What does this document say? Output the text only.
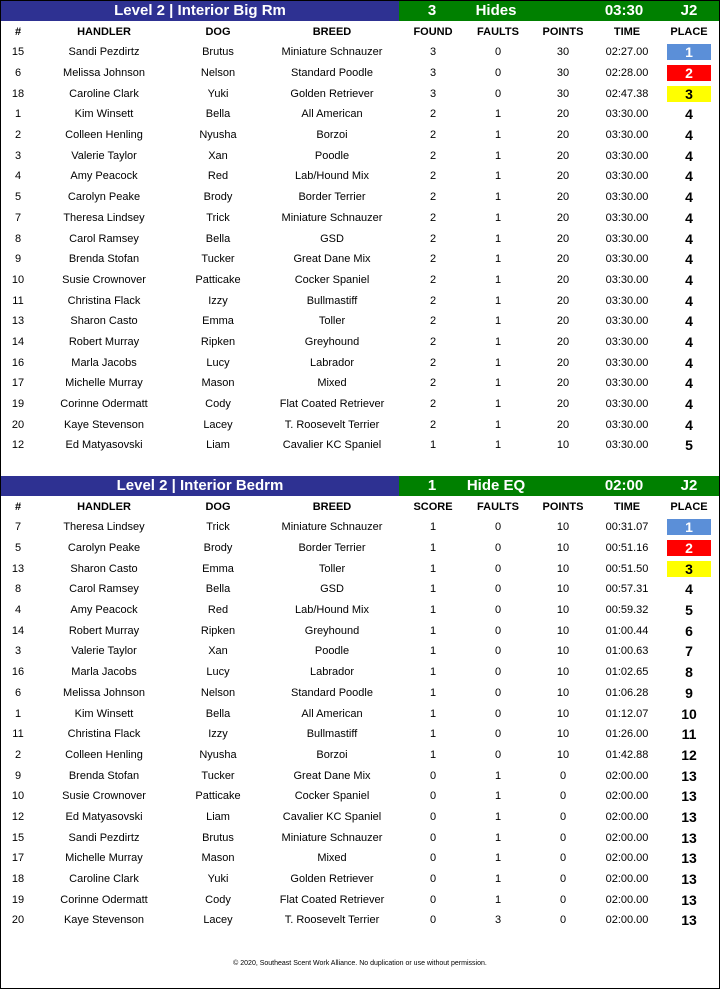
Level 2 | Interior Big Rm	3	Hides	03:30	J2
#	HANDLER	DOG	BREED	FOUND	FAULTS	POINTS	TIME	PLACE
15	Sandi Pezdirtz	Brutus	Miniature Schnauzer	3	0	30	02:27.00	1
6	Melissa Johnson	Nelson	Standard Poodle	3	0	30	02:28.00	2
18	Caroline Clark	Yuki	Golden Retriever	3	0	30	02:47.38	3
1	Kim Winsett	Bella	All American	2	1	20	03:30.00	4
2	Colleen Henling	Nyusha	Borzoi	2	1	20	03:30.00	4
3	Valerie Taylor	Xan	Poodle	2	1	20	03:30.00	4
4	Amy Peacock	Red	Lab/Hound Mix	2	1	20	03:30.00	4
5	Carolyn Peake	Brody	Border Terrier	2	1	20	03:30.00	4
7	Theresa Lindsey	Trick	Miniature Schnauzer	2	1	20	03:30.00	4
8	Carol Ramsey	Bella	GSD	2	1	20	03:30.00	4
9	Brenda Stofan	Tucker	Great Dane Mix	2	1	20	03:30.00	4
10	Susie Crownover	Patticake	Cocker Spaniel	2	1	20	03:30.00	4
11	Christina Flack	Izzy	Bullmastiff	2	1	20	03:30.00	4
13	Sharon Casto	Emma	Toller	2	1	20	03:30.00	4
14	Robert Murray	Ripken	Greyhound	2	1	20	03:30.00	4
16	Marla Jacobs	Lucy	Labrador	2	1	20	03:30.00	4
17	Michelle Murray	Mason	Mixed	2	1	20	03:30.00	4
19	Corinne Odermatt	Cody	Flat Coated Retriever	2	1	20	03:30.00	4
20	Kaye Stevenson	Lacey	T. Roosevelt Terrier	2	1	20	03:30.00	4
12	Ed Matyasovski	Liam	Cavalier KC Spaniel	1	1	10	03:30.00	5
Level 2 | Interior Bedrm	1	Hide EQ	02:00	J2
#	HANDLER	DOG	BREED	SCORE	FAULTS	POINTS	TIME	PLACE
7	Theresa Lindsey	Trick	Miniature Schnauzer	1	0	10	00:31.07	1
5	Carolyn Peake	Brody	Border Terrier	1	0	10	00:51.16	2
13	Sharon Casto	Emma	Toller	1	0	10	00:51.50	3
8	Carol Ramsey	Bella	GSD	1	0	10	00:57.31	4
4	Amy Peacock	Red	Lab/Hound Mix	1	0	10	00:59.32	5
14	Robert Murray	Ripken	Greyhound	1	0	10	01:00.44	6
3	Valerie Taylor	Xan	Poodle	1	0	10	01:00.63	7
16	Marla Jacobs	Lucy	Labrador	1	0	10	01:02.65	8
6	Melissa Johnson	Nelson	Standard Poodle	1	0	10	01:06.28	9
1	Kim Winsett	Bella	All American	1	0	10	01:12.07	10
11	Christina Flack	Izzy	Bullmastiff	1	0	10	01:26.00	11
2	Colleen Henling	Nyusha	Borzoi	1	0	10	01:42.88	12
9	Brenda Stofan	Tucker	Great Dane Mix	0	1	0	02:00.00	13
10	Susie Crownover	Patticake	Cocker Spaniel	0	1	0	02:00.00	13
12	Ed Matyasovski	Liam	Cavalier KC Spaniel	0	1	0	02:00.00	13
15	Sandi Pezdirtz	Brutus	Miniature Schnauzer	0	1	0	02:00.00	13
17	Michelle Murray	Mason	Mixed	0	1	0	02:00.00	13
18	Caroline Clark	Yuki	Golden Retriever	0	1	0	02:00.00	13
19	Corinne Odermatt	Cody	Flat Coated Retriever	0	1	0	02:00.00	13
20	Kaye Stevenson	Lacey	T. Roosevelt Terrier	0	3	0	02:00.00	13
© 2020, Southeast Scent Work Alliance. No duplication or use without permission.
